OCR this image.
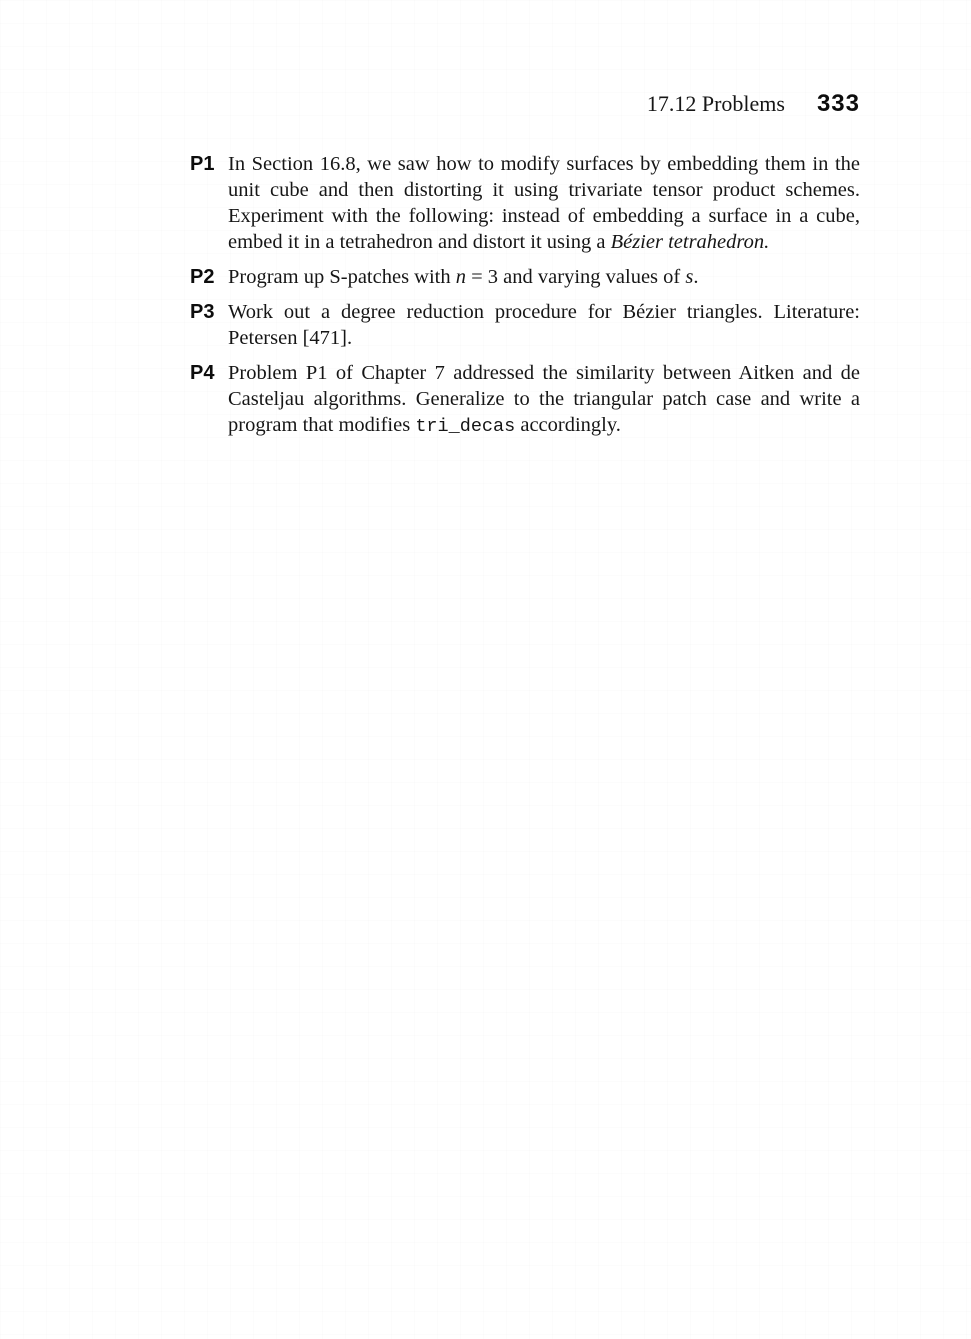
17.12 Problems 333
P1 In Section 16.8, we saw how to modify surfaces by embedding them in the unit cube and then distorting it using trivariate tensor product schemes. Experiment with the following: instead of embedding a surface in a cube, embed it in a tetrahedron and distort it using a Bézier tetrahedron.
P2 Program up S-patches with n = 3 and varying values of s.
P3 Work out a degree reduction procedure for Bézier triangles. Literature: Petersen [471].
P4 Problem P1 of Chapter 7 addressed the similarity between Aitken and de Casteljau algorithms. Generalize to the triangular patch case and write a program that modifies tri_decas accordingly.
